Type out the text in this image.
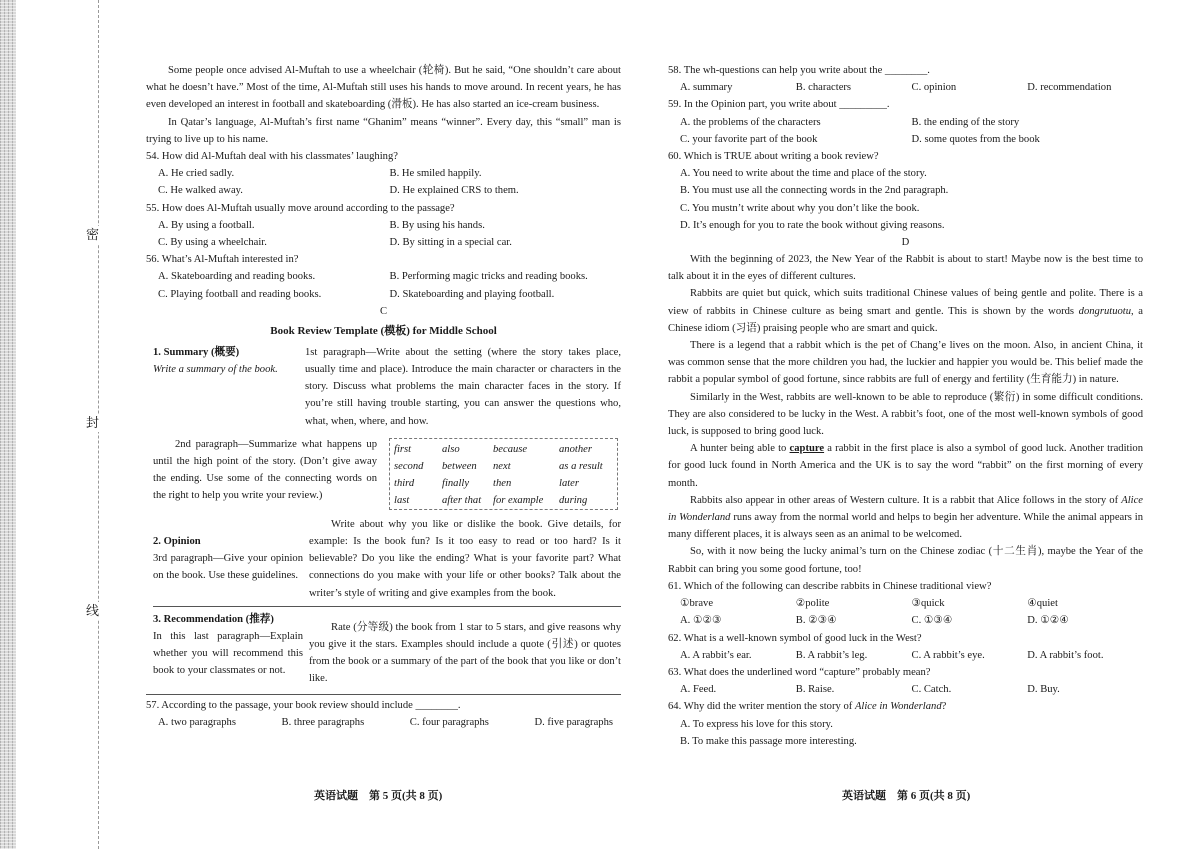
密
封
线

Some people once advised Al-Muftah to use a wheelchair (轮椅). But he said, “One shouldn’t care about what he doesn’t have.” Most of the time, Al-Muftah still uses his hands to move around. In recent years, he has even developed an interest in football and skateboarding (滑板). He has also started an ice-cream business.

In Qatar’s language, Al-Muftah’s first name “Ghanim” means “winner”. Every day, this “small” man is trying to live up to his name.

54. How did Al-Muftah deal with his classmates’ laughing?
A. He cried sadly.	B. He smiled happily.
C. He walked away.	D. He explained CRS to them.
55. How does Al-Muftah usually move around according to the passage?
A. By using a football.	B. By using his hands.
C. By using a wheelchair.	D. By sitting in a special car.
56. What’s Al-Muftah interested in?
A. Skateboarding and reading books.	B. Performing magic tricks and reading books.
C. Playing football and reading books.	D. Skateboarding and playing football.
C
Book Review Template (模板) for Middle School
1. Summary (概要)
Write a summary of the book.

1st paragraph—Write about the setting (where the story takes place, usually time and place). Introduce the main character or characters in the story. Discuss what problems the main character faces in the story. If you’re still having trouble starting, you can answer the questions who, what, when, where, and how.

2nd paragraph—Summarize what happens up until the high point of the story. (Don’t give away the ending. Use some of the connecting words on the right to help you write your review.)

first	also	because	another
second	between	next	as a result
third	finally	then	later
last	after that	for example	during
2. Opinion

3rd paragraph—Give your opinion on the book. Use these guidelines.

Write about why you like or dislike the book. Give details, for example: Is the book fun? Is it too easy to read or too hard? Is it believable? Do you like the ending? What is your favorite part? What connections do you make with your life or other books? Talk about the writer’s style of writing and give examples from the book.

3. Recommendation (推荐)

In this last paragraph—Explain whether you will recommend this book to your classmates or not.

Rate (分等级) the book from 1 star to 5 stars, and give reasons why you give it the stars. Examples should include a quote (引述) or quotes from the book or a summary of the part of the book that you like or don’t like.

57. According to the passage, your book review should include ________.
A. two paragraphs	B. three paragraphs	C. four paragraphs	D. five paragraphs
英语试题　第 5 页(共 8 页)
58. The wh-questions can help you write about the ________.
A. summary	B. characters	C. opinion	D. recommendation
59. In the Opinion part, you write about _________.
A. the problems of the characters	B. the ending of the story
C. your favorite part of the book	D. some quotes from the book
60. Which is TRUE about writing a book review?
A. You need to write about the time and place of the story.
B. You must use all the connecting words in the 2nd paragraph.
C. You mustn’t write about why you don’t like the book.
D. It’s enough for you to rate the book without giving reasons.
D

With the beginning of 2023, the New Year of the Rabbit is about to start! Maybe now is the best time to talk about it in the eyes of different cultures.

Rabbits are quiet but quick, which suits traditional Chinese values of being gentle and polite. There is a view of rabbits in Chinese culture as being smart and gentle. This is shown by the words dongrutuotu, a Chinese idiom (习语) praising people who are smart and quick.

There is a legend that a rabbit which is the pet of Chang’e lives on the moon. Also, in ancient China, it was common sense that the more children you had, the luckier and happier you would be. This belief made the rabbit a popular symbol of good fortune, since rabbits are full of energy and fertility (生育能力) in nature.

Similarly in the West, rabbits are well-known to be able to reproduce (繁衍) in some difficult conditions. They are also considered to be lucky in the West. A rabbit’s foot, one of the most well-known symbols of good luck, is supposed to bring good luck.

A hunter being able to capture a rabbit in the first place is also a symbol of good luck. Another tradition for good luck found in North America and the UK is to say the word “rabbit” on the first morning of every month.

Rabbits also appear in other areas of Western culture. It is a rabbit that Alice follows in the story of Alice in Wonderland runs away from the normal world and helps to begin her adventure. While the animal appears in many different places, it is always seen as an animal to be welcomed.

So, with it now being the lucky animal’s turn on the Chinese zodiac (十二生肖), maybe the Year of the Rabbit can bring you some good fortune, too!

61. Which of the following can describe rabbits in Chinese traditional view?
①brave	②polite	③quick	④quiet
A. ①②③	B. ②③④	C. ①③④	D. ①②④
62. What is a well-known symbol of good luck in the West?
A. A rabbit’s ear.	B. A rabbit’s leg.	C. A rabbit’s eye.	D. A rabbit’s foot.
63. What does the underlined word “capture” probably mean?
A. Feed.	B. Raise.	C. Catch.	D. Buy.
64. Why did the writer mention the story of Alice in Wonderland?
A. To express his love for this story.
B. To make this passage more interesting.
英语试题　第 6 页(共 8 页)
